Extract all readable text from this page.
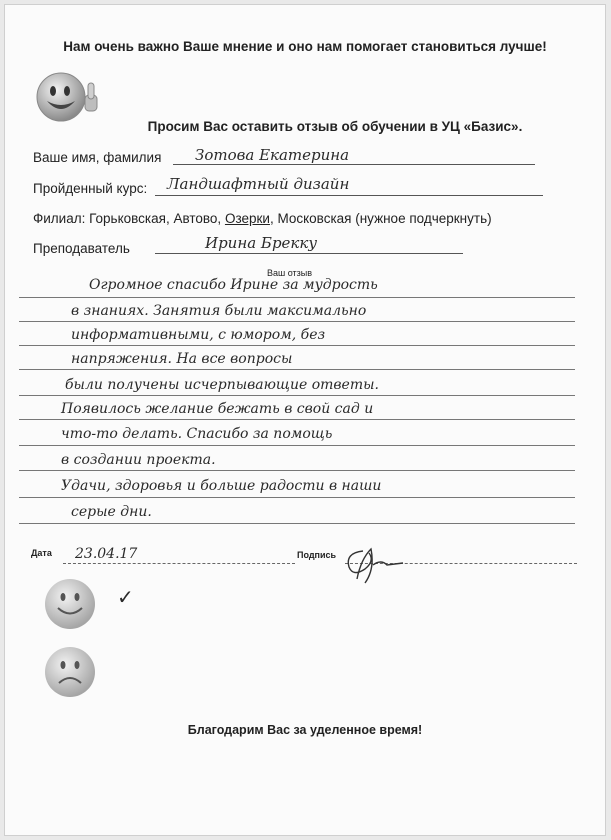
Нам очень важно Ваше мнение и оно нам помогает становиться лучше!
Просим Вас оставить отзыв об обучении в УЦ «Базис».
Ваше имя, фамилия Зотова Екатерина
Пройденный курс: Ландшафтный дизайн
Филиал: Горьковская, Автово, Озерки, Московская (нужное подчеркнуть)
Преподаватель	Ирина Брекку
Ваш отзыв
Огромное спасибо Ирине за мудрость
в знаниях. Занятия были максимально
информативными, с юмором, без
напряжения. На все вопросы
были получены исчерпывающие ответы.
Появилось желание бежать в свой сад и
что-то делать. Спасибо за помощь
в создании проекта.
Удачи, здоровья и больше радости в наши
серые дни.
Дата 23.04.17	Подпись
✓
Благодарим Вас за уделенное время!
